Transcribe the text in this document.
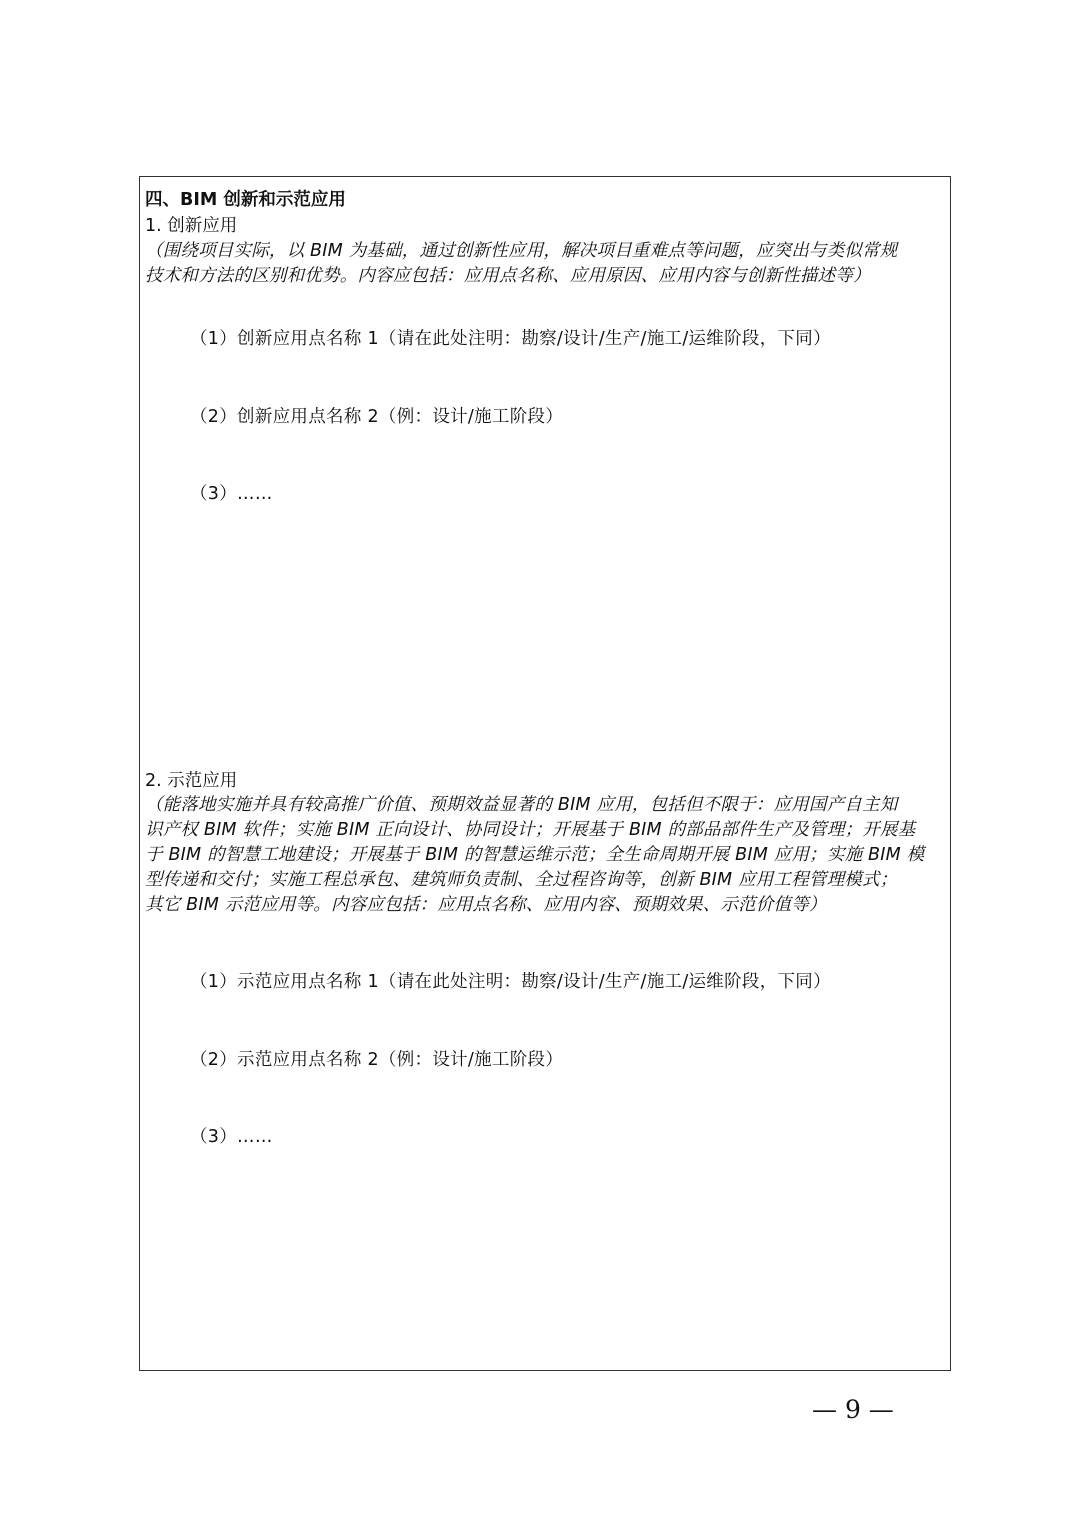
四、BIM 创新和示范应用
1. 创新应用
（围绕项目实际，以 BIM 为基础，通过创新性应用，解决项目重难点等问题，应突出与类似常规
技术和方法的区别和优势。内容应包括：应用点名称、应用原因、应用内容与创新性描述等）
（1）创新应用点名称 1（请在此处注明：勘察/设计/生产/施工/运维阶段，下同）
（2）创新应用点名称 2（例：设计/施工阶段）
（3）……
2. 示范应用
（能落地实施并具有较高推广价值、预期效益显著的 BIM 应用，包括但不限于：应用国产自主知
识产权 BIM 软件；实施 BIM 正向设计、协同设计；开展基于 BIM 的部品部件生产及管理；开展基
于 BIM 的智慧工地建设；开展基于 BIM 的智慧运维示范；全生命周期开展 BIM 应用；实施 BIM 模
型传递和交付；实施工程总承包、建筑师负责制、全过程咨询等，创新 BIM 应用工程管理模式；
其它 BIM 示范应用等。内容应包括：应用点名称、应用内容、预期效果、示范价值等）
（1）示范应用点名称 1（请在此处注明：勘察/设计/生产/施工/运维阶段，下同）
（2）示范应用点名称 2（例：设计/施工阶段）
（3）……
— 9 —
